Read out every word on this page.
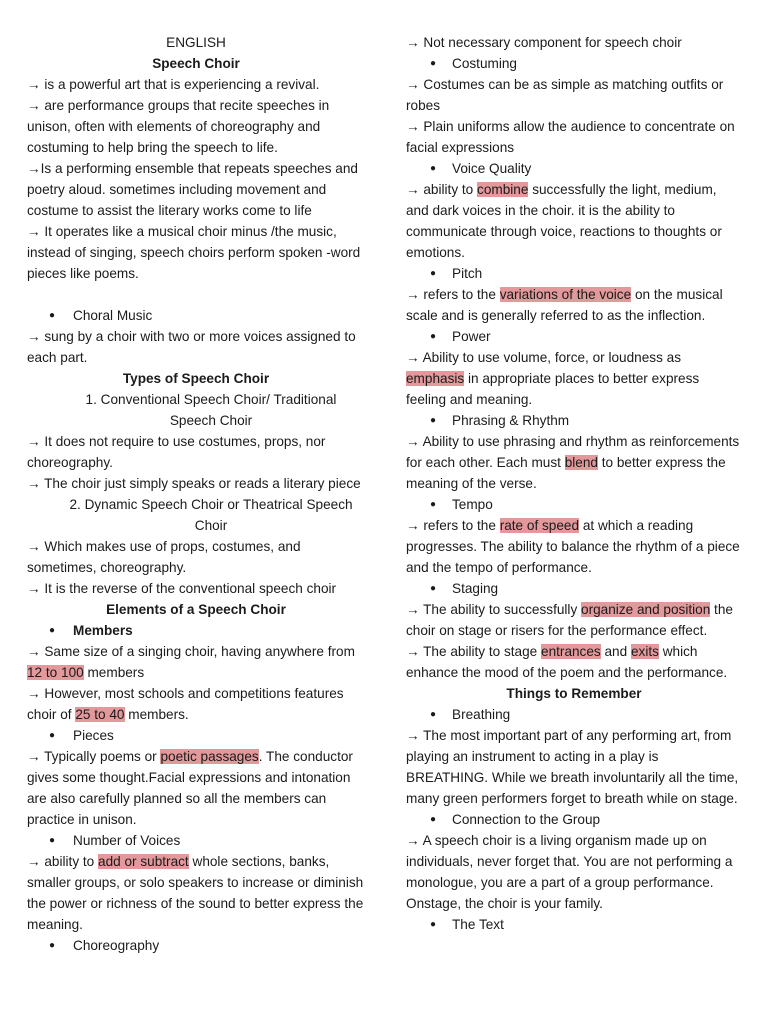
ENGLISH

Speech Choir

→ is a powerful art that is experiencing a revival.

→ are performance groups that recite speeches in unison, often with elements of choreography and costuming to help bring the speech to life.

→Is a performing ensemble that repeats speeches and poetry aloud. sometimes including movement and costume to assist the literary works come to life

→ It operates like a musical choir minus /the music, instead of singing, speech choirs perform spoken -word pieces like poems.

● Choral Music

→ sung by a choir with two or more voices assigned to each part.

Types of Speech Choir

1. Conventional Speech Choir/ Traditional Speech Choir

→ It does not require to use costumes, props, nor choreography.

→ The choir just simply speaks or reads a literary piece

2. Dynamic Speech Choir or Theatrical Speech Choir

→ Which makes use of props, costumes, and sometimes, choreography.

→ It is the reverse of the conventional speech choir

Elements of a Speech Choir

● Members

→ Same size of a singing choir, having anywhere from 12 to 100 members

→ However, most schools and competitions features choir of 25 to 40 members.

● Pieces

→ Typically poems or poetic passages. The conductor gives some thought.Facial expressions and intonation are also carefully planned so all the members can practice in unison.

● Number of Voices

→ ability to add or subtract whole sections, banks, smaller groups, or solo speakers to increase or diminish the power or richness of the sound to better express the meaning.

● Choreography

→ Not necessary component for speech choir

● Costuming

→ Costumes can be as simple as matching outfits or robes

→ Plain uniforms allow the audience to concentrate on facial expressions

● Voice Quality

→ ability to combine successfully the light, medium, and dark voices in the choir. it is the ability to communicate through voice, reactions to thoughts or emotions.

● Pitch

→ refers to the variations of the voice on the musical scale and is generally referred to as the inflection.

● Power

→ Ability to use volume, force, or loudness as emphasis in appropriate places to better express feeling and meaning.

● Phrasing & Rhythm

→ Ability to use phrasing and rhythm as reinforcements for each other. Each must blend to better express the meaning of the verse.

● Tempo

→ refers to the rate of speed at which a reading progresses. The ability to balance the rhythm of a piece and the tempo of performance.

● Staging

→ The ability to successfully organize and position the choir on stage or risers for the performance effect.

→ The ability to stage entrances and exits which enhance the mood of the poem and the performance.

Things to Remember

● Breathing

→ The most important part of any performing art, from playing an instrument to acting in a play is BREATHING. While we breath involuntarily all the time, many green performers forget to breath while on stage.

● Connection to the Group

→ A speech choir is a living organism made up on individuals, never forget that. You are not performing a monologue, you are a part of a group performance. Onstage, the choir is your family.

● The Text
